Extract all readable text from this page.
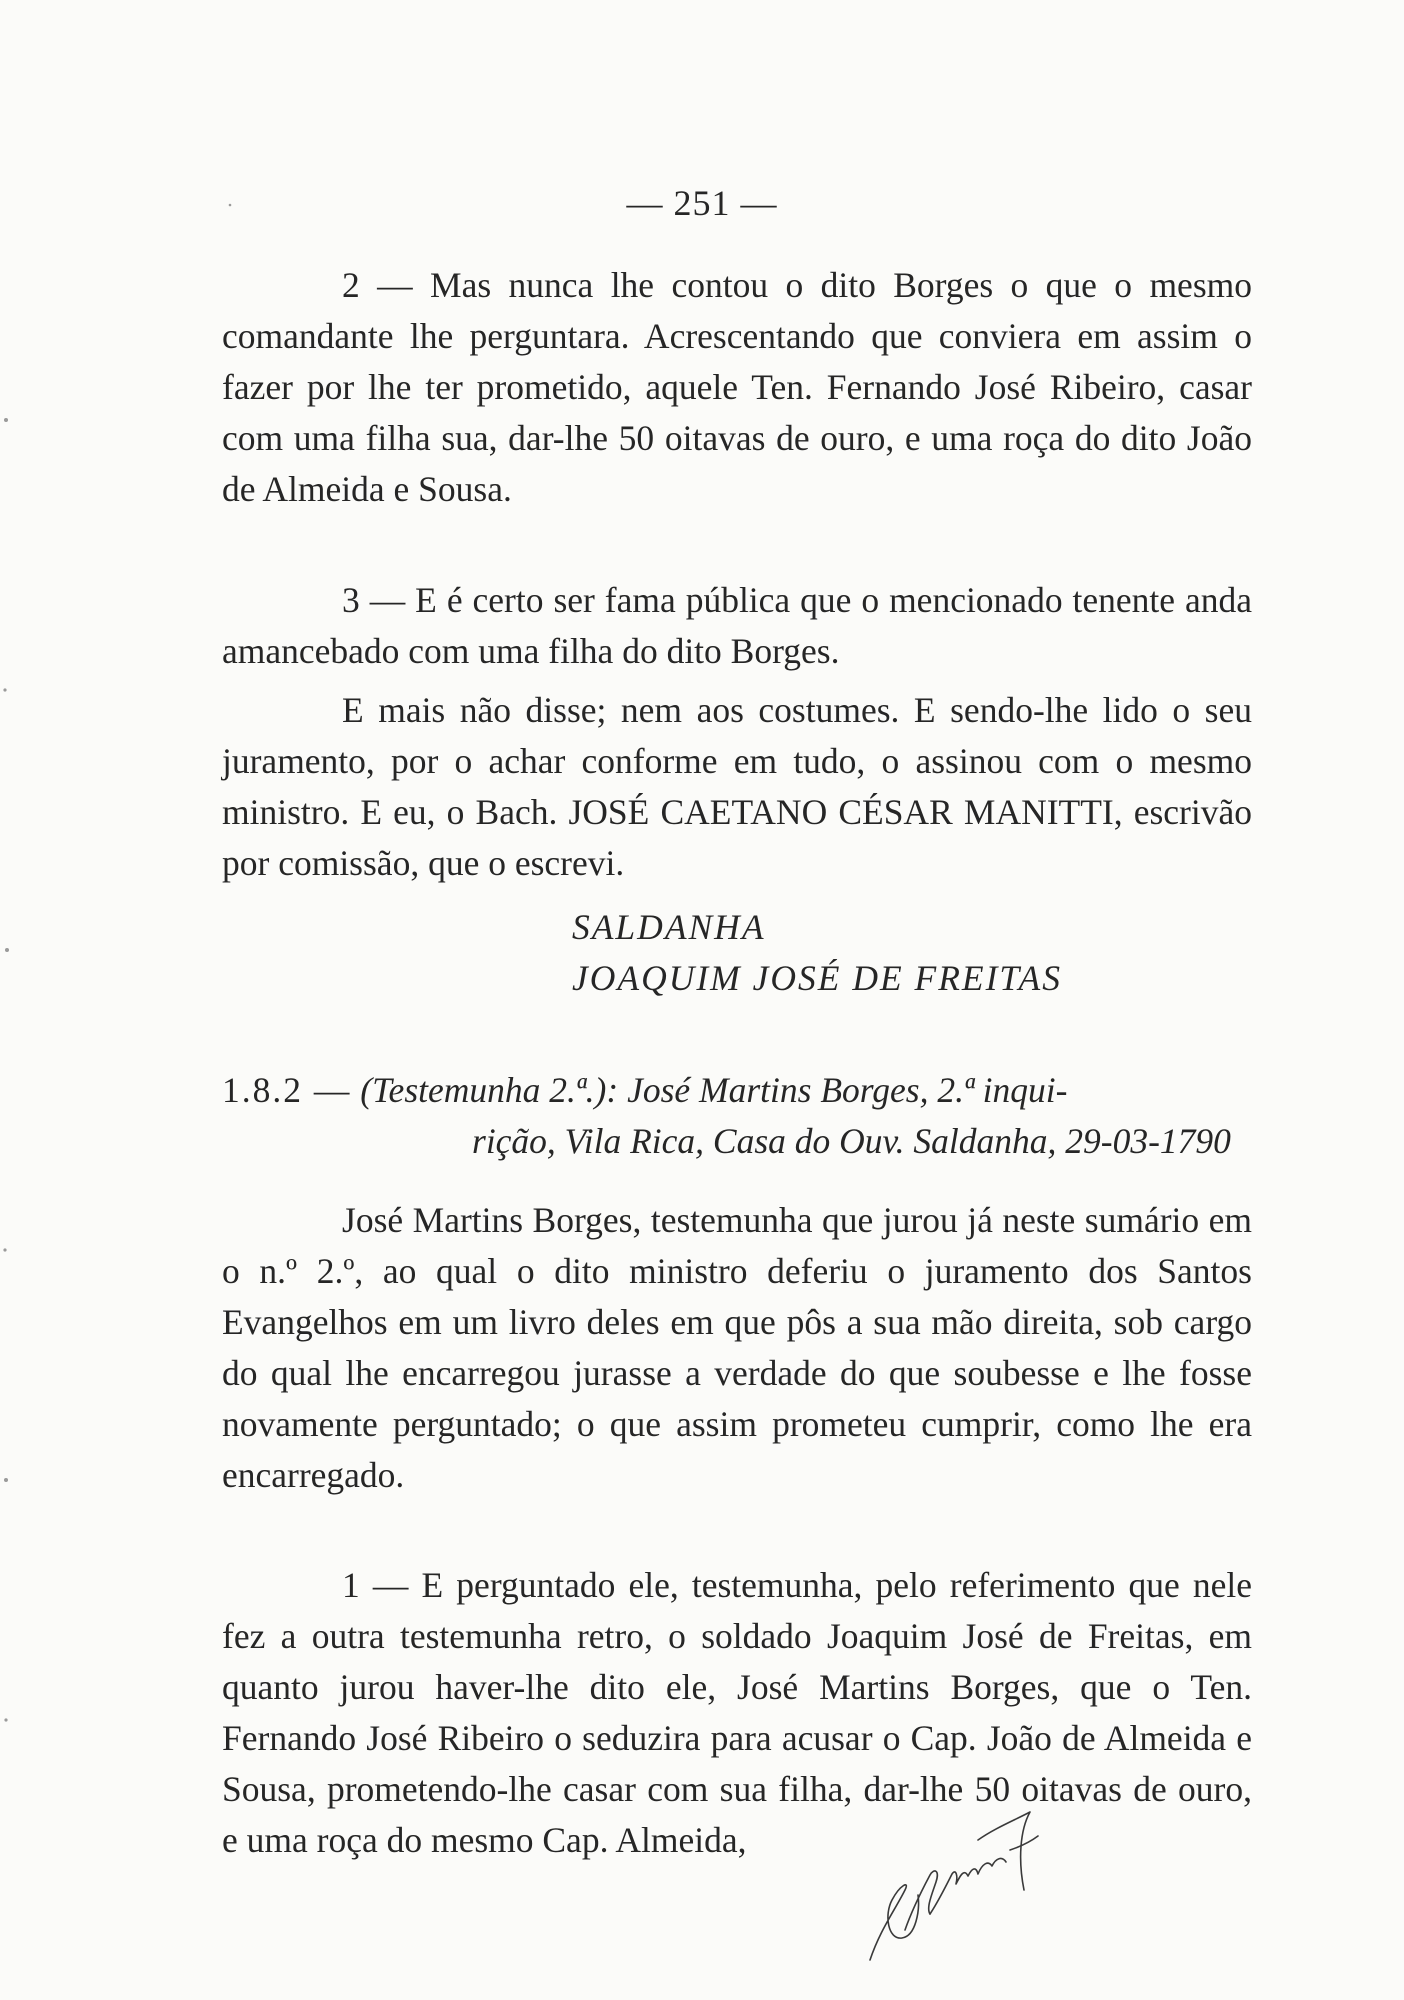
— 251 —

2 — Mas nunca lhe contou o dito Borges o que o mesmo comandante lhe perguntara. Acrescentando que conviera em assim o fazer por lhe ter prometido, aquele Ten. Fernando José Ribeiro, casar com uma filha sua, dar-lhe 50 oitavas de ouro, e uma roça do dito João de Almeida e Sousa.

3 — E é certo ser fama pública que o mencionado tenente anda amancebado com uma filha do dito Borges.

E mais não disse; nem aos costumes. E sendo-lhe lido o seu juramento, por o achar conforme em tudo, o assinou com o mesmo ministro. E eu, o Bach. JOSÉ CAETANO CÉSAR MANITTI, escrivão por comissão, que o escrevi.

SALDANHA
JOAQUIM JOSÉ DE FREITAS
1.8.2 — (Testemunha 2.ª.): José Martins Borges, 2.ª inqui-
rição, Vila Rica, Casa do Ouv. Saldanha, 29-03-1790

José Martins Borges, testemunha que jurou já neste sumário em o n.º 2.º, ao qual o dito ministro deferiu o juramento dos Santos Evangelhos em um livro deles em que pôs a sua mão direita, sob cargo do qual lhe encarregou jurasse a verdade do que soubesse e lhe fosse novamente perguntado; o que assim prometeu cumprir, como lhe era encarregado.

1 — E perguntado ele, testemunha, pelo referimento que nele fez a outra testemunha retro, o soldado Joaquim José de Freitas, em quanto jurou haver-lhe dito ele, José Martins Borges, que o Ten. Fernando José Ribeiro o seduzira para acusar o Cap. João de Almeida e Sousa, prometendo-lhe casar com sua filha, dar-lhe 50 oitavas de ouro, e uma roça do mesmo Cap. Almeida,
